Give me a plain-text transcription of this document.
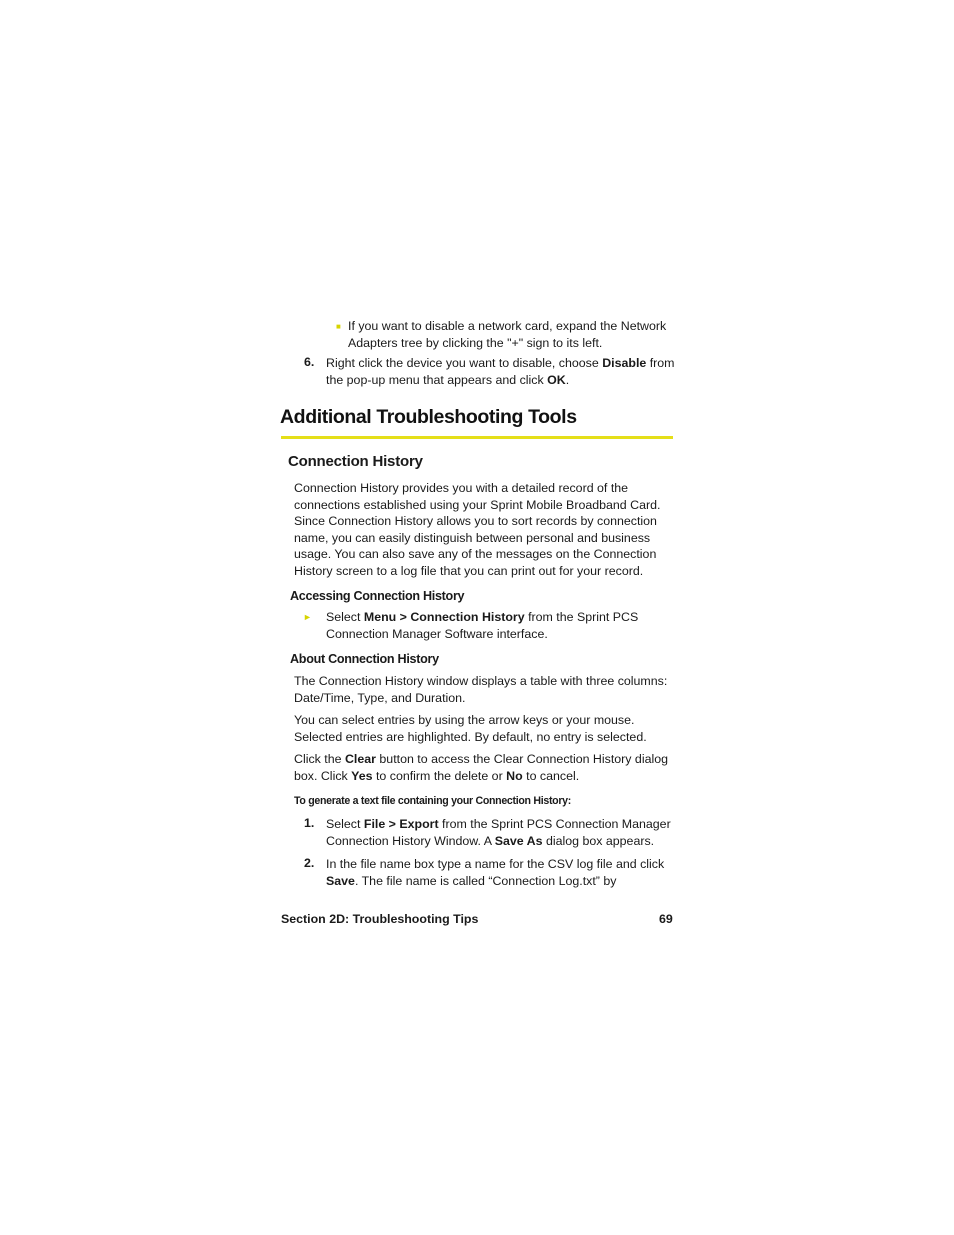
■ If you want to disable a network card, expand the Network Adapters tree by clicking the "+" sign to its left.
6. Right click the device you want to disable, choose Disable from the pop-up menu that appears and click OK.
Additional Troubleshooting Tools
Connection History
Connection History provides you with a detailed record of the connections established using your Sprint Mobile Broadband Card. Since Connection History allows you to sort records by connection name, you can easily distinguish between personal and business usage. You can also save any of the messages on the Connection History screen to a log file that you can print out for your record.
Accessing Connection History
► Select Menu > Connection History from the Sprint PCS Connection Manager Software interface.
About Connection History
The Connection History window displays a table with three columns: Date/Time, Type, and Duration.
You can select entries by using the arrow keys or your mouse. Selected entries are highlighted. By default, no entry is selected.
Click the Clear button to access the Clear Connection History dialog box. Click Yes to confirm the delete or No to cancel.
To generate a text file containing your Connection History:
1. Select File > Export from the Sprint PCS Connection Manager Connection History Window. A Save As dialog box appears.
2. In the file name box type a name for the CSV log file and click Save. The file name is called “Connection Log.txt” by
Section 2D: Troubleshooting Tips	69
